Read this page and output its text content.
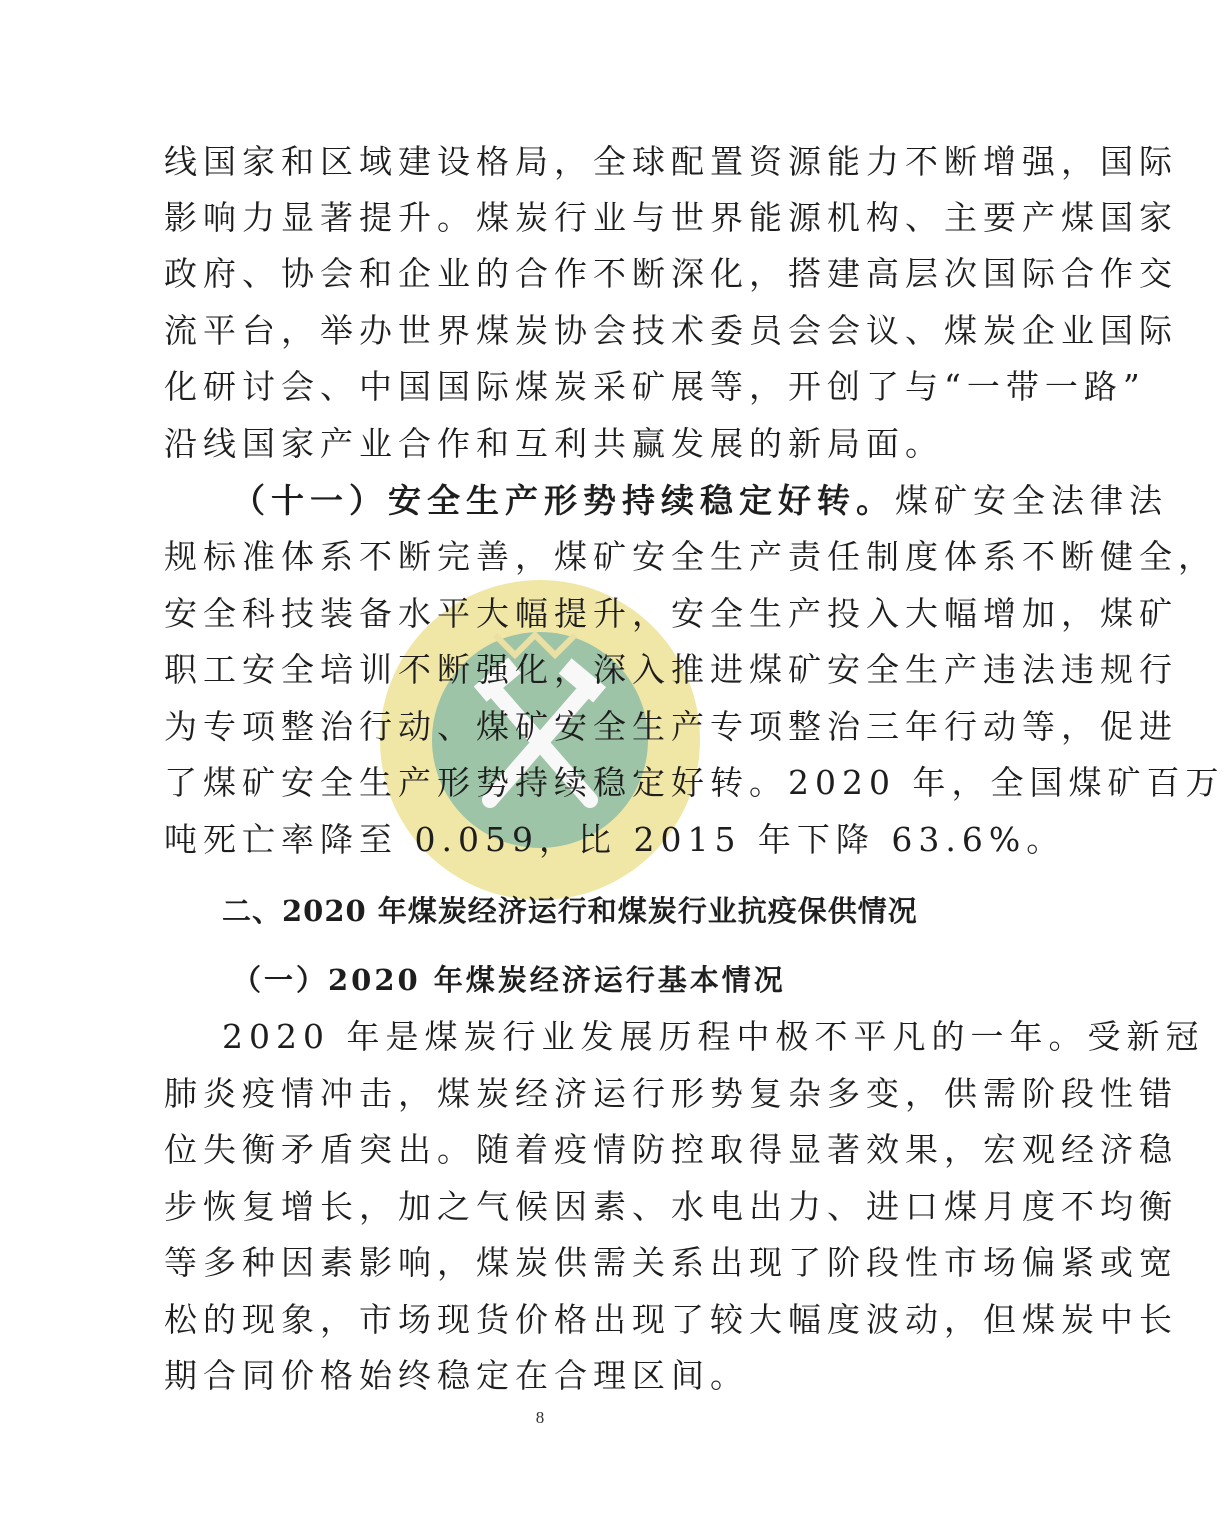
线国家和区域建设格局，全球配置资源能力不断增强，国际
影响力显著提升。煤炭行业与世界能源机构、主要产煤国家
政府、协会和企业的合作不断深化，搭建高层次国际合作交
流平台，举办世界煤炭协会技术委员会会议、煤炭企业国际
化研讨会、中国国际煤炭采矿展等，开创了与“一带一路”
沿线国家产业合作和互利共赢发展的新局面。
（十一）安全生产形势持续稳定好转。煤矿安全法律法
规标准体系不断完善，煤矿安全生产责任制度体系不断健全，
安全科技装备水平大幅提升，安全生产投入大幅增加，煤矿
职工安全培训不断强化，深入推进煤矿安全生产违法违规行
为专项整治行动、煤矿安全生产专项整治三年行动等，促进
了煤矿安全生产形势持续稳定好转。2020 年，全国煤矿百万
吨死亡率降至 0.059，比 2015 年下降 63.6%。
二、2020 年煤炭经济运行和煤炭行业抗疫保供情况
（一）2020 年煤炭经济运行基本情况
2020 年是煤炭行业发展历程中极不平凡的一年。受新冠
肺炎疫情冲击，煤炭经济运行形势复杂多变，供需阶段性错
位失衡矛盾突出。随着疫情防控取得显著效果，宏观经济稳
步恢复增长，加之气候因素、水电出力、进口煤月度不均衡
等多种因素影响，煤炭供需关系出现了阶段性市场偏紧或宽
松的现象，市场现货价格出现了较大幅度波动，但煤炭中长
期合同价格始终稳定在合理区间。
8
